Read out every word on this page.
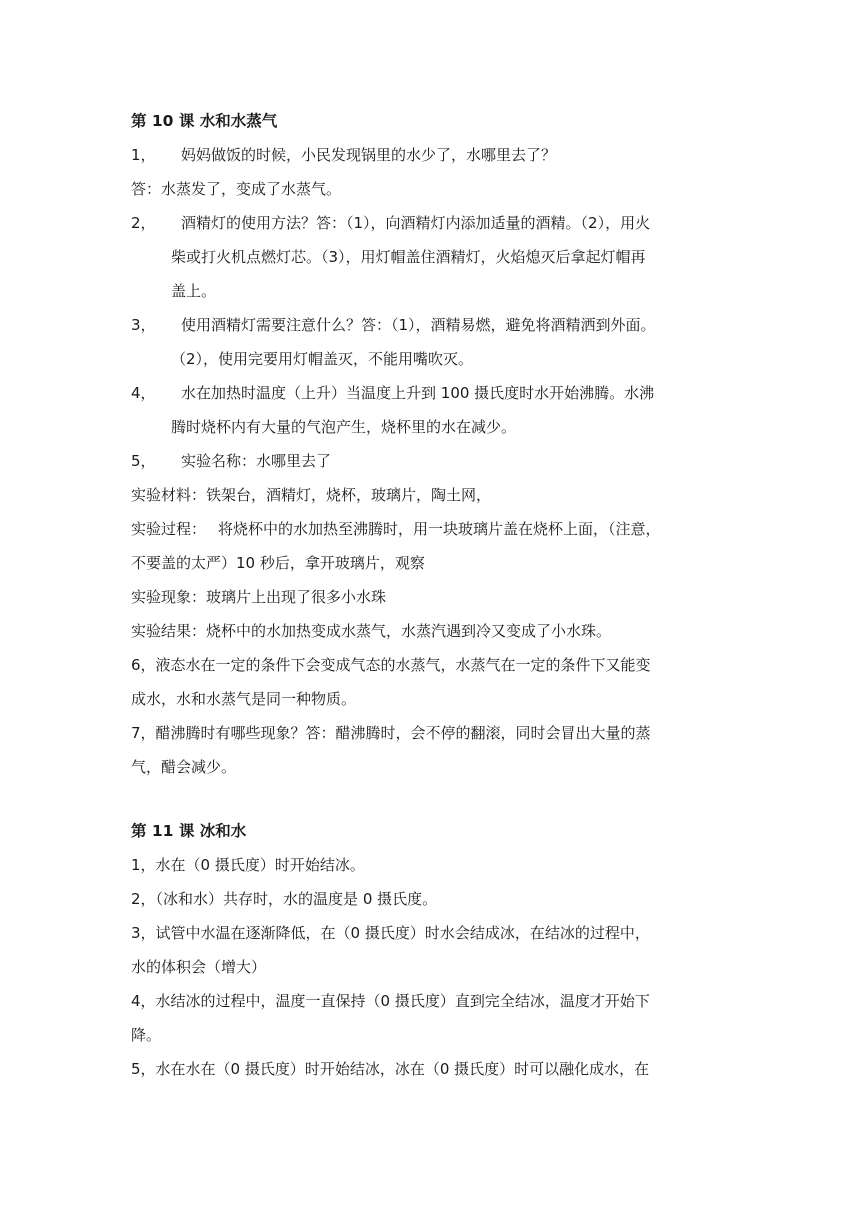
第 10 课 水和水蒸气
1， 妈妈做饭的时候，小民发现锅里的水少了，水哪里去了？
答：水蒸发了，变成了水蒸气。
2， 酒精灯的使用方法？答：（1），向酒精灯内添加适量的酒精。（2），用火
柴或打火机点燃灯芯。（3），用灯帽盖住酒精灯，火焰熄灭后拿起灯帽再
盖上。
3， 使用酒精灯需要注意什么？答：（1），酒精易燃，避免将酒精洒到外面。
（2），使用完要用灯帽盖灭，不能用嘴吹灭。
4， 水在加热时温度（上升）当温度上升到 100 摄氏度时水开始沸腾。水沸
腾时烧杯内有大量的气泡产生，烧杯里的水在减少。
5， 实验名称：水哪里去了
实验材料：铁架台，酒精灯，烧杯，玻璃片，陶土网，
实验过程： 将烧杯中的水加热至沸腾时，用一块玻璃片盖在烧杯上面，（注意，
不要盖的太严）10 秒后，拿开玻璃片，观察
实验现象：玻璃片上出现了很多小水珠
实验结果：烧杯中的水加热变成水蒸气，水蒸汽遇到冷又变成了小水珠。
6，液态水在一定的条件下会变成气态的水蒸气，水蒸气在一定的条件下又能变
成水，水和水蒸气是同一种物质。
7，醋沸腾时有哪些现象？答：醋沸腾时，会不停的翻滚，同时会冒出大量的蒸
气，醋会减少。
第 11 课 冰和水
1，水在（0 摄氏度）时开始结冰。
2，（冰和水）共存时，水的温度是 0 摄氏度。
3，试管中水温在逐渐降低，在（0 摄氏度）时水会结成冰，在结冰的过程中，
水的体积会（增大）
4，水结冰的过程中，温度一直保持（0 摄氏度）直到完全结冰，温度才开始下
降。
5，水在水在（0 摄氏度）时开始结冰，冰在（0 摄氏度）时可以融化成水，在
